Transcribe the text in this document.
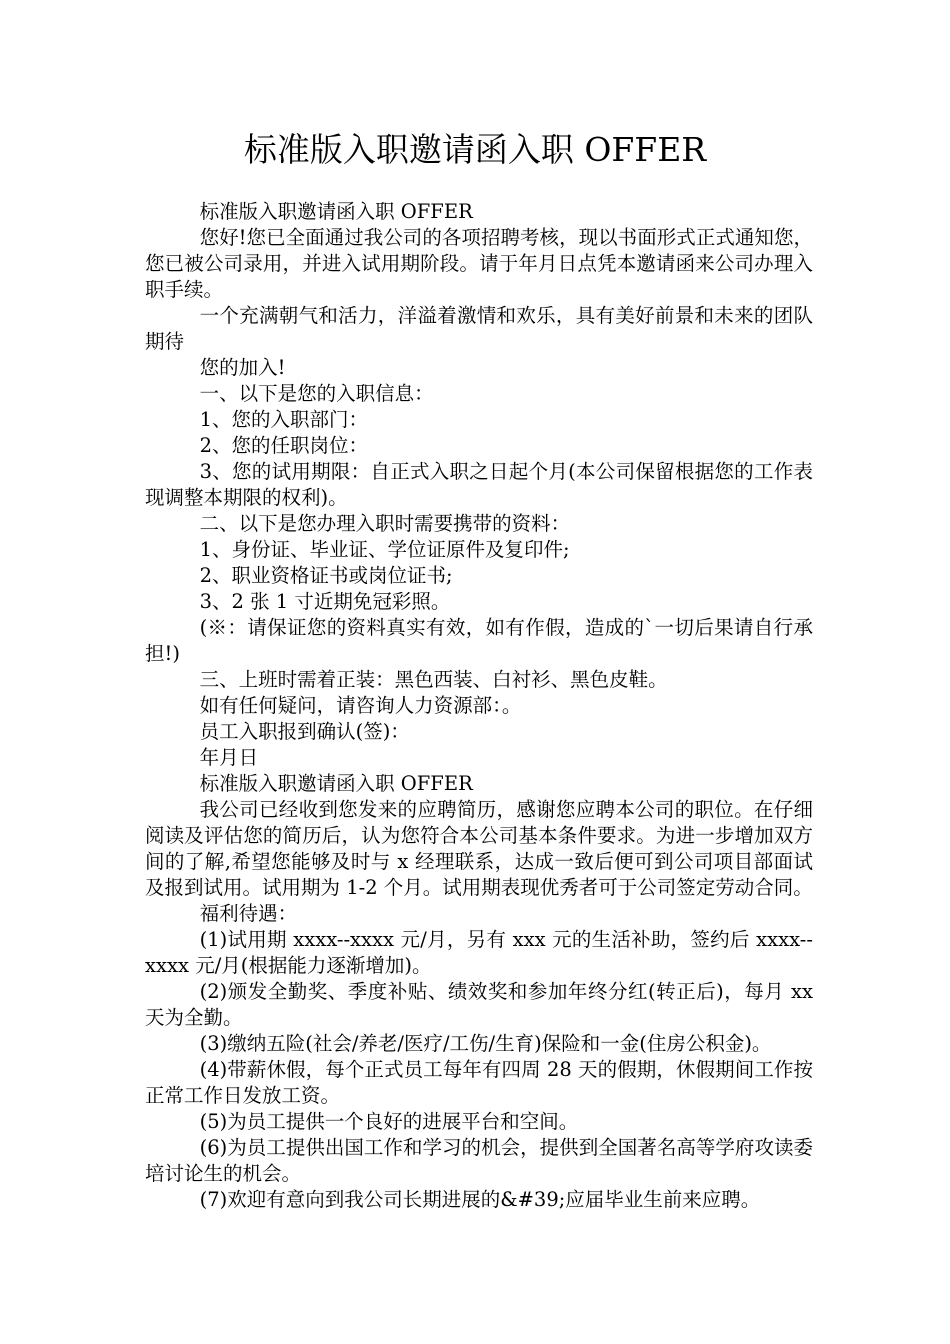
标准版入职邀请函入职 OFFER

标准版入职邀请函入职 OFFER

您好!您已全面通过我公司的各项招聘考核，现以书面形式正式通知您，您已被公司录用，并进入试用期阶段。请于年月日点凭本邀请函来公司办理入职手续。

一个充满朝气和活力，洋溢着激情和欢乐，具有美好前景和未来的团队期待

您的加入!

一、以下是您的入职信息：

1、您的入职部门：

2、您的任职岗位：

3、您的试用期限：自正式入职之日起个月(本公司保留根据您的工作表现调整本期限的权利)。

二、以下是您办理入职时需要携带的资料：

1、身份证、毕业证、学位证原件及复印件;

2、职业资格证书或岗位证书;

3、2 张 1 寸近期免冠彩照。

(※：请保证您的资料真实有效，如有作假，造成的`一切后果请自行承担!)

三、上班时需着正装：黑色西装、白衬衫、黑色皮鞋。

如有任何疑问，请咨询人力资源部：。

员工入职报到确认(签)：

年月日

标准版入职邀请函入职 OFFER

我公司已经收到您发来的应聘简历，感谢您应聘本公司的职位。在仔细阅读及评估您的简历后，认为您符合本公司基本条件要求。为进一步增加双方间的了解,希望您能够及时与 x 经理联系，达成一致后便可到公司项目部面试及报到试用。试用期为 1-2 个月。试用期表现优秀者可于公司签定劳动合同。

福利待遇：

(1)试用期 xxxx--xxxx 元/月，另有 xxx 元的生活补助，签约后 xxxx--xxxx 元/月(根据能力逐渐增加)。

(2)颁发全勤奖、季度补贴、绩效奖和参加年终分红(转正后)，每月 xx 天为全勤。

(3)缴纳五险(社会/养老/医疗/工伤/生育)保险和一金(住房公积金)。

(4)带薪休假，每个正式员工每年有四周 28 天的假期，休假期间工作按正常工作日发放工资。

(5)为员工提供一个良好的进展平台和空间。

(6)为员工提供出国工作和学习的机会，提供到全国著名高等学府攻读委培讨论生的机会。

(7)欢迎有意向到我公司长期进展的&#39;应届毕业生前来应聘。
